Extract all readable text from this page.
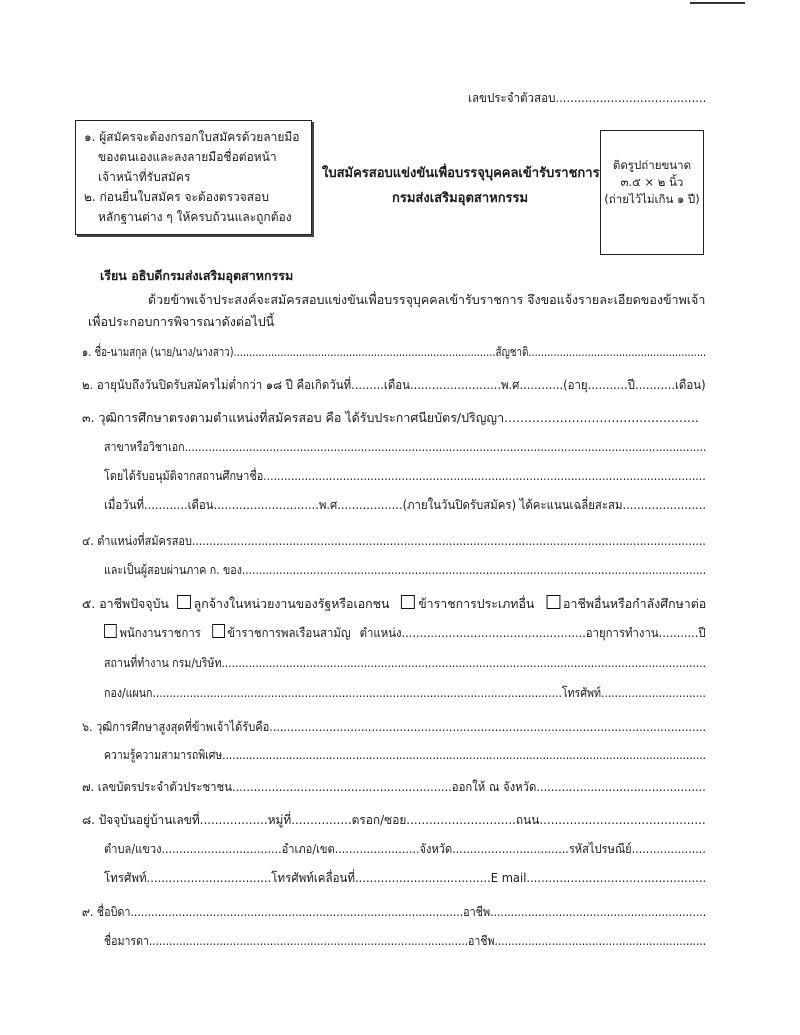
เลขประจำตัวสอบ.........................................
๑. ผู้สมัครจะต้องกรอกใบสมัครด้วยลายมือ
ของตนเองและลงลายมือชื่อต่อหน้า
เจ้าหน้าที่รับสมัคร
๒. ก่อนยื่นใบสมัคร จะต้องตรวจสอบ
หลักฐานต่าง ๆ ให้ครบถ้วนและถูกต้อง
ใบสมัครสอบแข่งขันเพื่อบรรจุบุคคลเข้ารับราชการ
กรมส่งเสริมอุตสาหกรรม
ติดรูปถ่ายขนาด
๓.๕ × ๒ นิ้ว
(ถ่ายไว้ไม่เกิน ๑ ปี)
เรียน อธิบดีกรมส่งเสริมอุตสาหกรรม
ด้วยข้าพเจ้าประสงค์จะสมัครสอบแข่งขันเพื่อบรรจุบุคคลเข้ารับราชการ จึงขอแจ้งรายละเอียดของข้าพเจ้า
เพื่อประกอบการพิจารณาดังต่อไปนี้
๑. ชื่อ-นามสกุล (นาย/นาง/นางสาว)....................................................................................สัญชาติ.........................................................
๒. อายุนับถึงวันปิดรับสมัครไม่ต่ำกว่า ๑๘ ปี คือเกิดวันที่.........เดือน.........................พ.ศ............(อายุ...........ปี...........เดือน)
๓. วุฒิการศึกษาตรงตามตำแหน่งที่สมัครสอบ คือ ได้รับประกาศนียบัตร/ปริญญา.................................................
สาขาหรือวิชาเอก..........................................................................................................................................................
โดยได้รับอนุมัติจากสถานศึกษาชื่อ................................................................................................................................
เมื่อวันที่............เดือน.............................พ.ศ..................(ภายในวันปิดรับสมัคร) ได้คะแนนเฉลี่ยสะสม.......................
๔. ตำแหน่งที่สมัครสอบ....................................................................................................................................................
และเป็นผู้สอบผ่านภาค ก. ของ.........................................................................................................................................
๕. อาชีพปัจจุบัน ลูกจ้างในหน่วยงานของรัฐหรือเอกชน ข้าราชการประเภทอื่น อาชีพอื่นหรือกำลังศึกษาต่อ
พนักงานราชการ ข้าราชการพลเรือนสามัญ ตำแหน่ง...................................................อายุการทำงาน...........ปี
สถานที่ทำงาน กรม/บริษัท...............................................................................................................................................
กอง/แผนก.........................................................................................................................โทรศัพท์...............................
๖. วุฒิการศึกษาสูงสุดที่ข้าพเจ้าได้รับคือ............................................................................................................................
ความรู้ความสามารถพิเศษ.................................................................................................................................................
๗. เลขบัตรประจำตัวประชาชน.............................................................ออกให้ ณ จังหวัด...............................................
๘. ปัจจุบันอยู่บ้านเลขที่..................หมู่ที่................ตรอก/ซอย.............................ถนน............................................
ตำบล/แขวง..................................อำเภอ/เขต........................จังหวัด.................................รหัสไปรษณีย์.....................
โทรศัพท์..................................โทรศัพท์เคลื่อนที่.....................................E mail.................................................
๙. ชื่อบิดา.................................................................................................อาชีพ...............................................................
ชื่อมารดา...............................................................................................อาชีพ...............................................................
